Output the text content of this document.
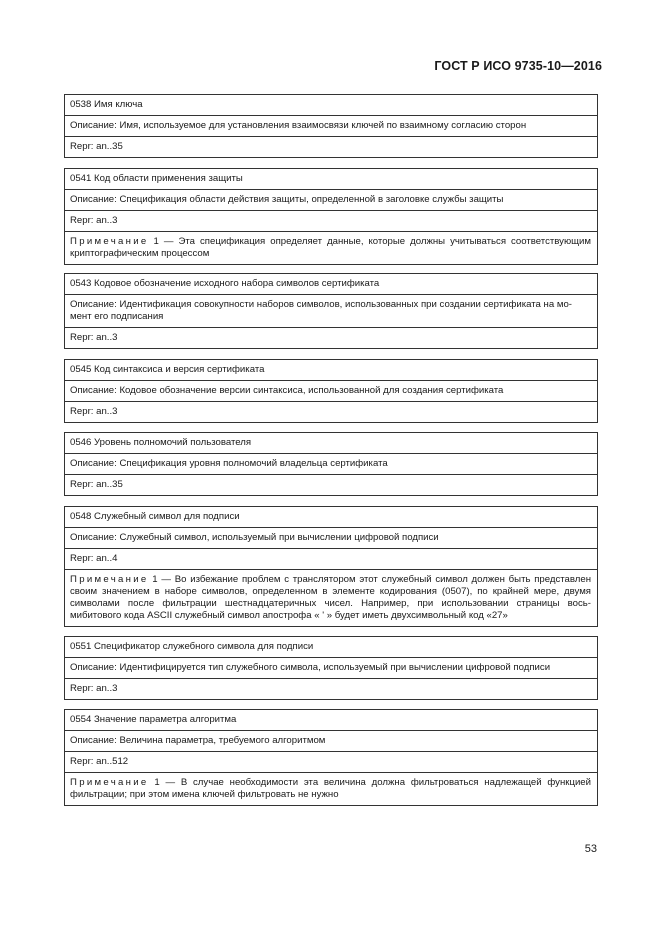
ГОСТ Р ИСО 9735-10—2016
0538 Имя ключа
Описание: Имя, используемое для установления взаимосвязи ключей по взаимному согласию сторон
Repr: an..35
0541 Код области применения защиты
Описание: Спецификация области действия защиты, определенной в заголовке службы защиты
Repr: an..3
Примечание 1 — Эта спецификация определяет данные, которые должны учитываться соответствующим криптографическим процессом
0543 Кодовое обозначение исходного набора символов сертификата
Описание: Идентификация совокупности наборов символов, использованных при создании сертификата на мо-мент его подписания
Repr: an..3
0545 Код синтаксиса и версия сертификата
Описание: Кодовое обозначение версии синтаксиса, использованной для создания сертификата
Repr: an..3
0546 Уровень полномочий пользователя
Описание: Спецификация уровня полномочий владельца сертификата
Repr: an..35
0548 Служебный символ для подписи
Описание: Служебный символ, используемый при вычислении цифровой подписи
Repr: an..4
Примечание 1 — Во избежание проблем с транслятором этот служебный символ должен быть представлен своим значением в наборе символов, определенном в элементе кодирования (0507), по крайней мере, двумя символами после фильтрации шестнадцатеричных чисел. Например, при использовании страницы вось-мибитового кода ASCII служебный символ апострофа « ' » будет иметь двухсимвольный код «27»
0551 Спецификатор служебного символа для подписи
Описание: Идентифицируется тип служебного символа, используемый при вычислении цифровой подписи
Repr: an..3
0554 Значение параметра алгоритма
Описание: Величина параметра, требуемого алгоритмом
Repr: an..512
Примечание 1 — В случае необходимости эта величина должна фильтроваться надлежащей функцией фильтрации; при этом имена ключей фильтровать не нужно
53
